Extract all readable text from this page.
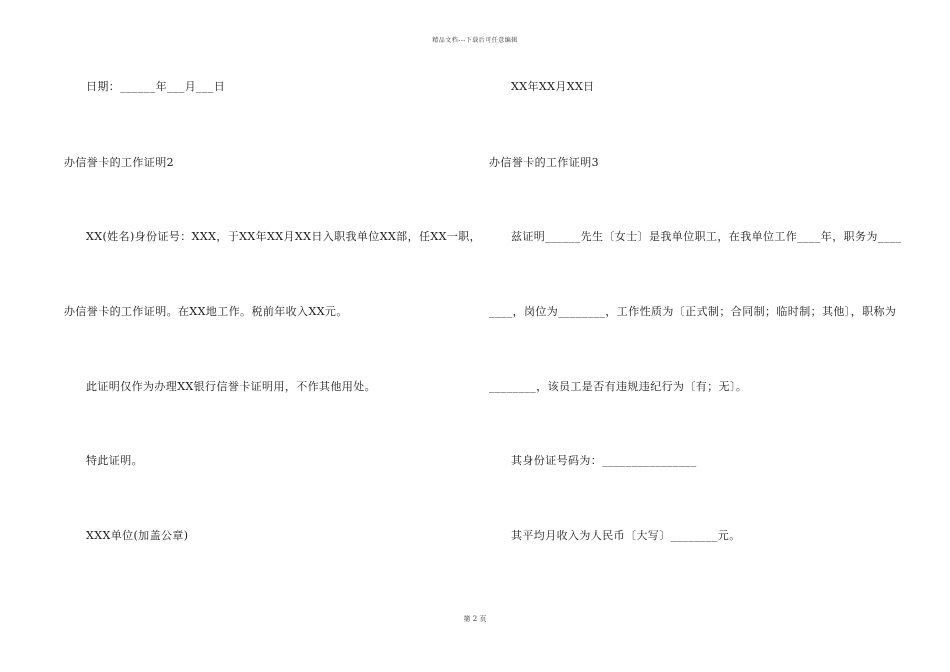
精品文档---下载后可任意编辑
日期：______年___月___日
办信誉卡的工作证明2
XX(姓名)身份证号：XXX，于XX年XX月XX日入职我单位XX部，任XX一职，
办信誉卡的工作证明。在XX地工作。税前年收入XX元。
此证明仅作为办理XX银行信誉卡证明用，不作其他用处。
特此证明。
XXX单位(加盖公章)
XX年XX月XX日
办信誉卡的工作证明3
兹证明______先生〔女士〕是我单位职工，在我单位工作____年，职务为____
____，岗位为________，工作性质为〔正式制；合同制；临时制；其他〕，职称为
________，该员工是否有违规违纪行为〔有；无〕。
其身份证号码为：________________
其平均月收入为人民币〔大写〕________元。
第 2 页
